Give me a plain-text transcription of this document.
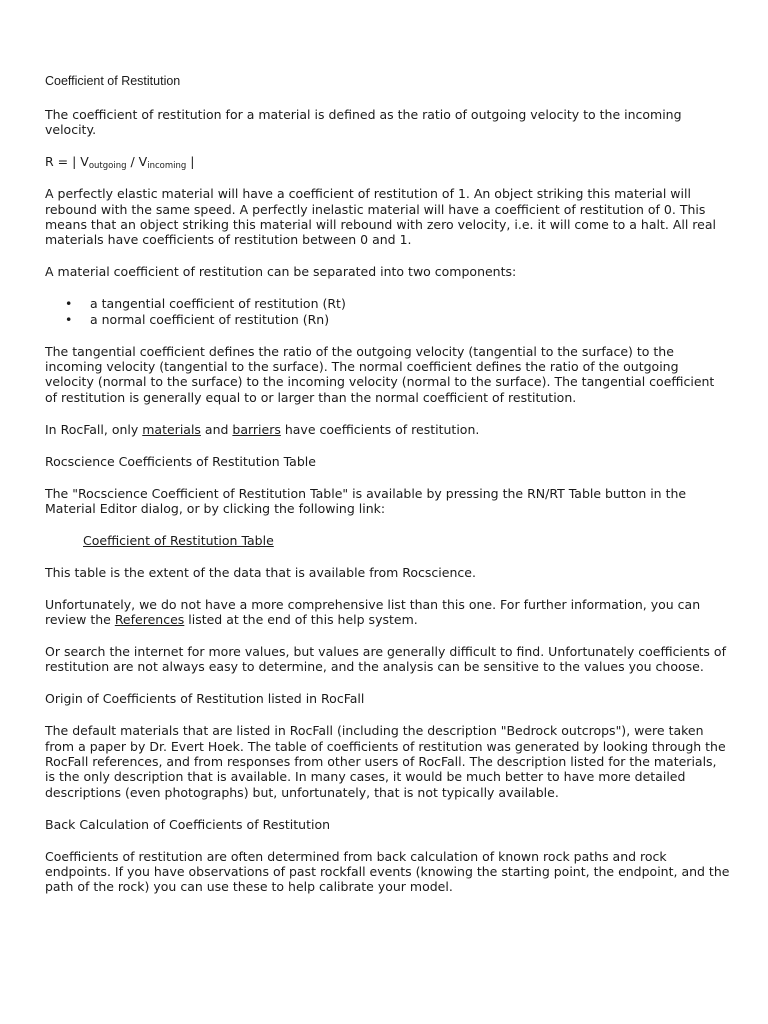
Coefficient of Restitution

The coefficient of restitution for a material is defined as the ratio of outgoing velocity to the incoming velocity.

R = | $V_{outgoing} / V_{incoming}$ |

A perfectly elastic material will have a coefficient of restitution of 1. An object striking this material will rebound with the same speed. A perfectly inelastic material will have a coefficient of restitution of 0. This means that an object striking this material will rebound with zero velocity, i.e. it will come to a halt. All real materials have coefficients of restitution between 0 and 1.

A material coefficient of restitution can be separated into two components:

• a tangential coefficient of restitution (Rt)
• a normal coefficient of restitution (Rn)

The tangential coefficient defines the ratio of the outgoing velocity (tangential to the surface) to the incoming velocity (tangential to the surface). The normal coefficient defines the ratio of the outgoing velocity (normal to the surface) to the incoming velocity (normal to the surface). The tangential coefficient of restitution is generally equal to or larger than the normal coefficient of restitution.

In RocFall, only materials and barriers have coefficients of restitution.

Rocscience Coefficients of Restitution Table

The "Rocscience Coefficient of Restitution Table" is available by pressing the RN/RT Table button in the Material Editor dialog, or by clicking the following link:

Coefficient of Restitution Table

This table is the extent of the data that is available from Rocscience.

Unfortunately, we do not have a more comprehensive list than this one. For further information, you can review the References listed at the end of this help system.

Or search the internet for more values, but values are generally difficult to find. Unfortunately coefficients of restitution are not always easy to determine, and the analysis can be sensitive to the values you choose.

Origin of Coefficients of Restitution listed in RocFall

The default materials that are listed in RocFall (including the description "Bedrock outcrops"), were taken from a paper by Dr. Evert Hoek. The table of coefficients of restitution was generated by looking through the RocFall references, and from responses from other users of RocFall. The description listed for the materials, is the only description that is available. In many cases, it would be much better to have more detailed descriptions (even photographs) but, unfortunately, that is not typically available.

Back Calculation of Coefficients of Restitution

Coefficients of restitution are often determined from back calculation of known rock paths and rock endpoints. If you have observations of past rockfall events (knowing the starting point, the endpoint, and the path of the rock) you can use these to help calibrate your model.
